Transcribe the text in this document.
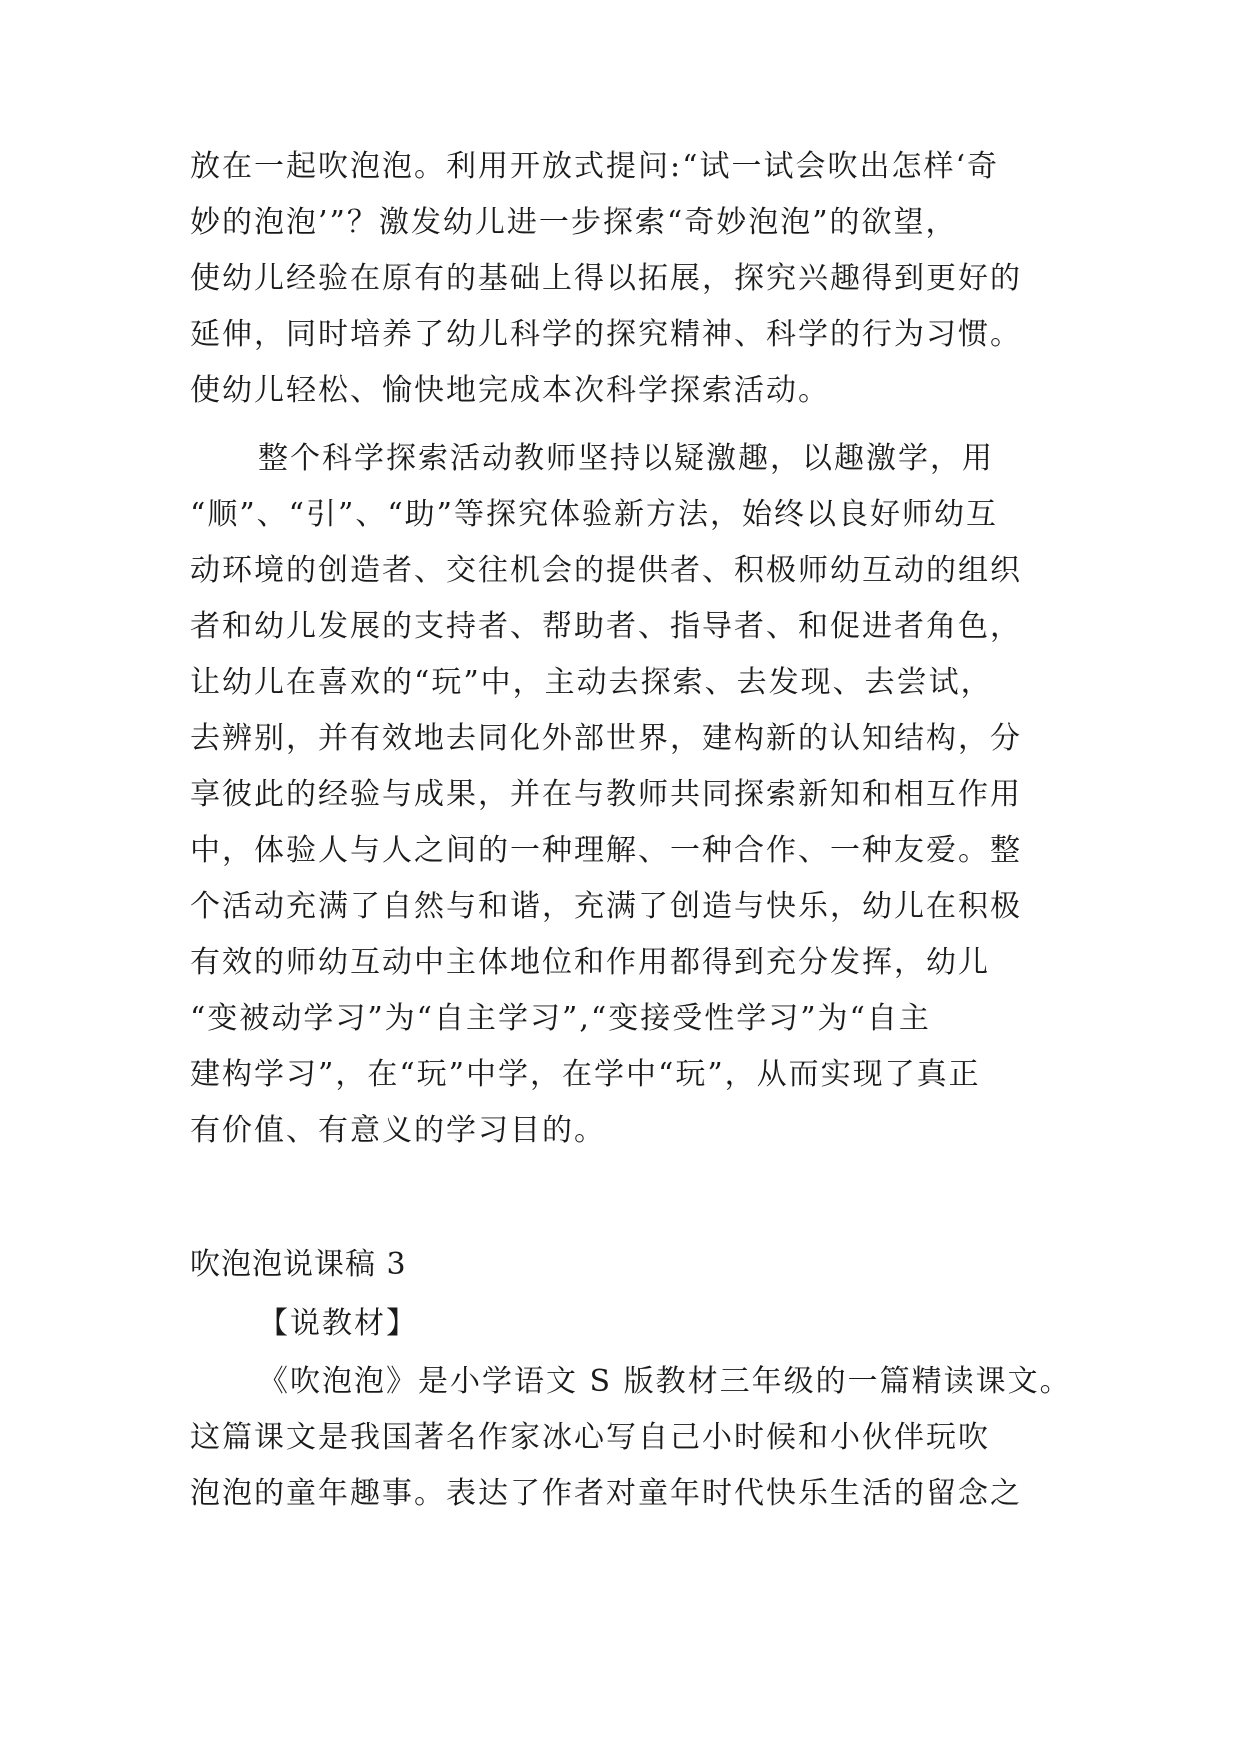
放在一起吹泡泡。利用开放式提问:“试一试会吹出怎样‘奇
妙的泡泡’”？激发幼儿进一步探索“奇妙泡泡”的欲望，
使幼儿经验在原有的基础上得以拓展，探究兴趣得到更好的
延伸，同时培养了幼儿科学的探究精神、科学的行为习惯。
使幼儿轻松、愉快地完成本次科学探索活动。
整个科学探索活动教师坚持以疑激趣，以趣激学，用
“顺”、“引”、“助”等探究体验新方法，始终以良好师幼互
动环境的创造者、交往机会的提供者、积极师幼互动的组织
者和幼儿发展的支持者、帮助者、指导者、和促进者角色，
让幼儿在喜欢的“玩”中，主动去探索、去发现、去尝试，
去辨别，并有效地去同化外部世界，建构新的认知结构，分
享彼此的经验与成果，并在与教师共同探索新知和相互作用
中，体验人与人之间的一种理解、一种合作、一种友爱。整
个活动充满了自然与和谐，充满了创造与快乐，幼儿在积极
有效的师幼互动中主体地位和作用都得到充分发挥，幼儿
“变被动学习”为“自主学习”,“变接受性学习”为“自主
建构学习”，在“玩”中学，在学中“玩”，从而实现了真正
有价值、有意义的学习目的。
吹泡泡说课稿 3
【说教材】
《吹泡泡》是小学语文 S 版教材三年级的一篇精读课文。
这篇课文是我国著名作家冰心写自己小时候和小伙伴玩吹
泡泡的童年趣事。表达了作者对童年时代快乐生活的留念之
